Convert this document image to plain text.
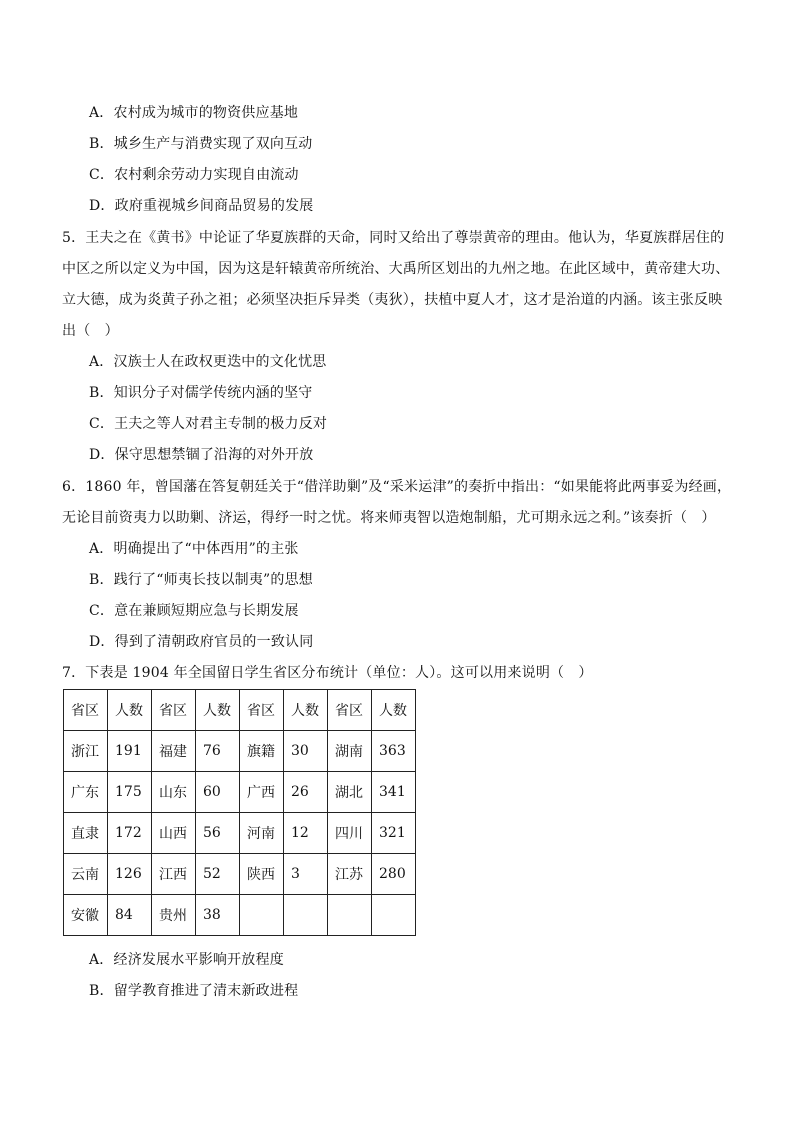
A．农村成为城市的物资供应基地
B．城乡生产与消费实现了双向互动
C．农村剩余劳动力实现自由流动
D．政府重视城乡间商品贸易的发展
5．王夫之在《黄书》中论证了华夏族群的天命，同时又给出了尊崇黄帝的理由。他认为，华夏族群居住的
中区之所以定义为中国，因为这是轩辕黄帝所统治、大禹所区划出的九州之地。在此区域中，黄帝建大功、
立大德，成为炎黄子孙之祖；必须坚决拒斥异类（夷狄），扶植中夏人才，这才是治道的内涵。该主张反映
出（　）
A．汉族士人在政权更迭中的文化忧思
B．知识分子对儒学传统内涵的坚守
C．王夫之等人对君主专制的极力反对
D．保守思想禁锢了沿海的对外开放
6．1860 年，曾国藩在答复朝廷关于“借洋助剿”及“采米运津”的奏折中指出：“如果能将此两事妥为经画，
无论目前资夷力以助剿、济运，得纾一时之忧。将来师夷智以造炮制船，尤可期永远之利。”该奏折（　）
A．明确提出了“中体西用”的主张
B．践行了“师夷长技以制夷”的思想
C．意在兼顾短期应急与长期发展
D．得到了清朝政府官员的一致认同
7．下表是 1904 年全国留日学生省区分布统计（单位：人）。这可以用来说明（　）
省区	人数	省区	人数	省区	人数	省区	人数
浙江	191	福建	76	旗籍	30	湖南	363
广东	175	山东	60	广西	26	湖北	341
直隶	172	山西	56	河南	12	四川	321
云南	126	江西	52	陕西	3	江苏	280
安徽	84	贵州	38				
A．经济发展水平影响开放程度
B．留学教育推进了清末新政进程
